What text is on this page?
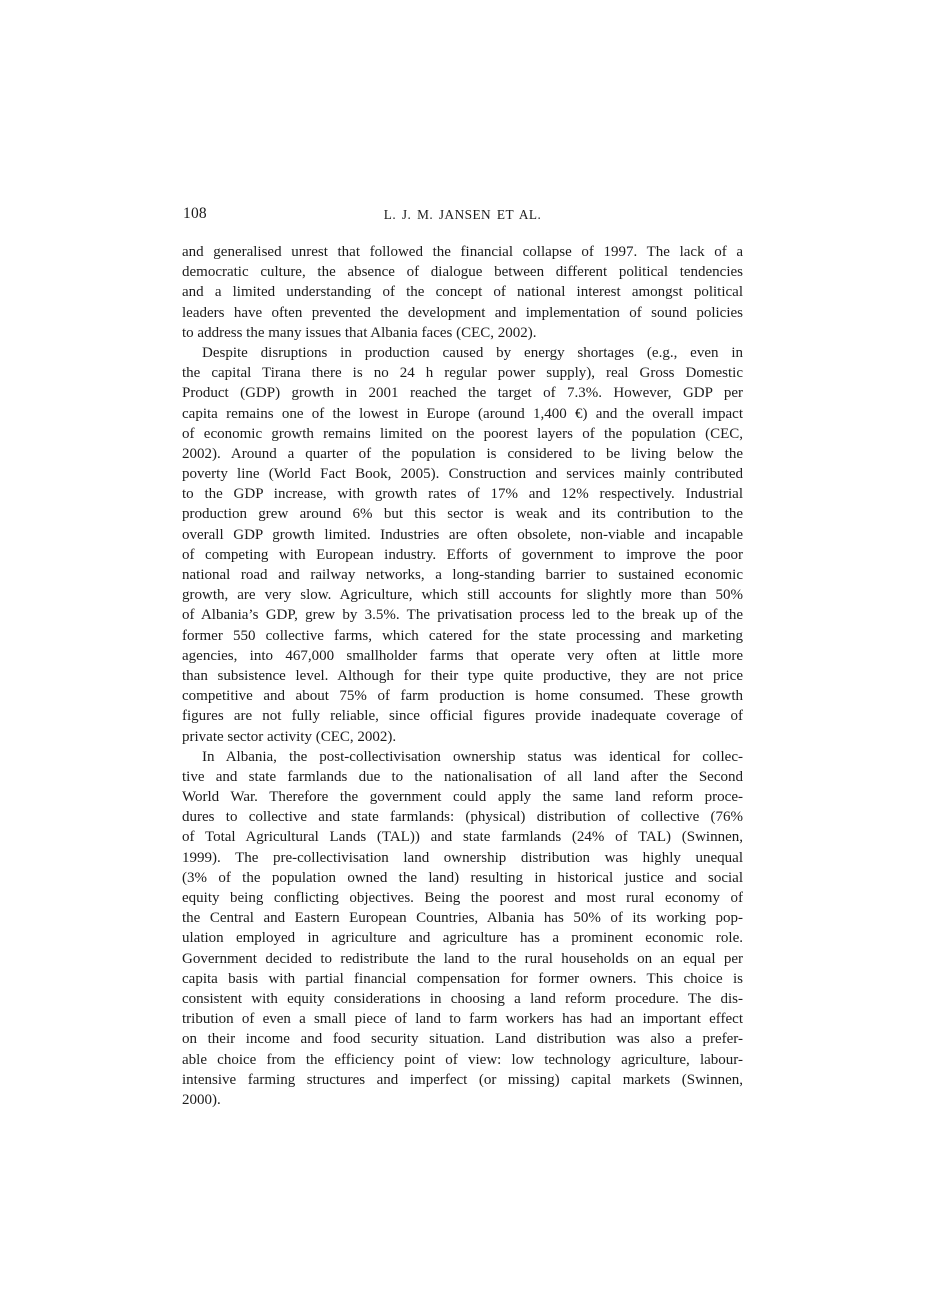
108	L. J. M. JANSEN ET AL.
and generalised unrest that followed the financial collapse of 1997. The lack of a
democratic culture, the absence of dialogue between different political tendencies
and a limited understanding of the concept of national interest amongst political
leaders have often prevented the development and implementation of sound policies
to address the many issues that Albania faces (CEC, 2002).
Despite disruptions in production caused by energy shortages (e.g., even in
the capital Tirana there is no 24 h regular power supply), real Gross Domestic
Product (GDP) growth in 2001 reached the target of 7.3%. However, GDP per
capita remains one of the lowest in Europe (around 1,400 €) and the overall impact
of economic growth remains limited on the poorest layers of the population (CEC,
2002). Around a quarter of the population is considered to be living below the
poverty line (World Fact Book, 2005). Construction and services mainly contributed
to the GDP increase, with growth rates of 17% and 12% respectively. Industrial
production grew around 6% but this sector is weak and its contribution to the
overall GDP growth limited. Industries are often obsolete, non-viable and incapable
of competing with European industry. Efforts of government to improve the poor
national road and railway networks, a long-standing barrier to sustained economic
growth, are very slow. Agriculture, which still accounts for slightly more than 50%
of Albania’s GDP, grew by 3.5%. The privatisation process led to the break up of the
former 550 collective farms, which catered for the state processing and marketing
agencies, into 467,000 smallholder farms that operate very often at little more
than subsistence level. Although for their type quite productive, they are not price
competitive and about 75% of farm production is home consumed. These growth
figures are not fully reliable, since official figures provide inadequate coverage of
private sector activity (CEC, 2002).
In Albania, the post-collectivisation ownership status was identical for collec-
tive and state farmlands due to the nationalisation of all land after the Second
World War. Therefore the government could apply the same land reform proce-
dures to collective and state farmlands: (physical) distribution of collective (76%
of Total Agricultural Lands (TAL)) and state farmlands (24% of TAL) (Swinnen,
1999). The pre-collectivisation land ownership distribution was highly unequal
(3% of the population owned the land) resulting in historical justice and social
equity being conflicting objectives. Being the poorest and most rural economy of
the Central and Eastern European Countries, Albania has 50% of its working pop-
ulation employed in agriculture and agriculture has a prominent economic role.
Government decided to redistribute the land to the rural households on an equal per
capita basis with partial financial compensation for former owners. This choice is
consistent with equity considerations in choosing a land reform procedure. The dis-
tribution of even a small piece of land to farm workers has had an important effect
on their income and food security situation. Land distribution was also a prefer-
able choice from the efficiency point of view: low technology agriculture, labour-
intensive farming structures and imperfect (or missing) capital markets (Swinnen,
2000).
